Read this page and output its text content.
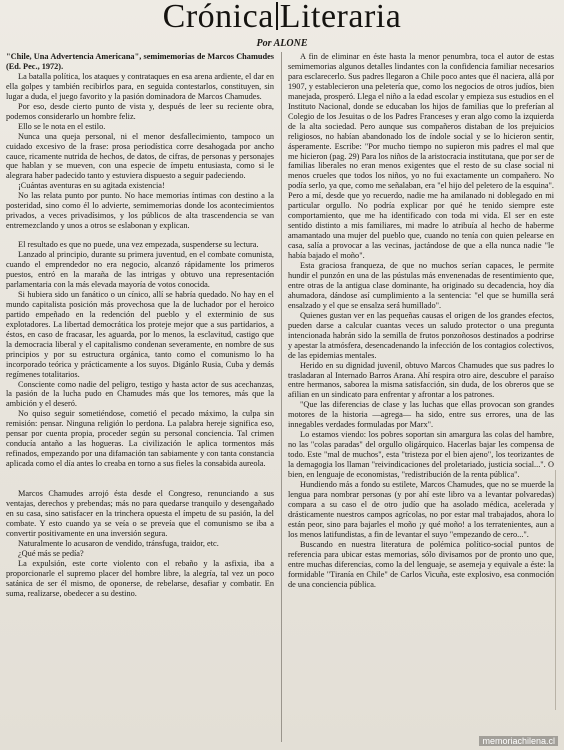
Crónica Literaria
Por ALONE

"Chile, Una Advertencia Americana", semimemorias de Marcos Chamudes (Ed. Pec., 1972).

La batalla política, los ataques y contrataques en esa arena ardiente, el dar en ella golpes y también recibirlos para, en seguida contestarlos, constituyen, sin lugar a duda, el juego favorito y la pasión dominadora de Marcos Chamudes.

Por eso, desde cierto punto de vista y, después de leer su reciente obra, podemos considerarlo un hombre feliz.

Ello se le nota en el estilo.

Nunca una queja personal, ni el menor desfallecimiento, tampoco un cuidado excesivo de la frase: prosa periodística corre desahogada por ancho cauce, ricamente nutrida de hechos, de datos, de cifras, de personas y personajes que hablan y se mueven, con una especie de ímpetu entusiasta, como si le alegrara haber padecido tanto y estuviera dispuesto a seguir padeciendo.

¡Cuántas aventuras en su agitada existencia!

No las relata punto por punto. No hace memorias íntimas con destino a la posteridad, sino como él lo advierte, semimemorias donde los acontecimientos privados, a veces privadísimos, y los públicos de alta trascendencia se van entremezclando y unos a otros se eslabonan y explican.

El resultado es que no puede, una vez empezada, suspenderse su lectura.

Lanzado al principio, durante su primera juventud, en el combate comunista, cuando el emprendedor no era negocio, alcanzó rápidamente los primeros puestos, entró en la maraña de las intrigas y obtuvo una representación parlamentaria con la más elevada mayoría de votos conocida.

Si hubiera sido un fanático o un cínico, allí se habría quedado. No hay en el mundo capitalista posición más provechosa que la de luchador por el heroico partido empeñado en la redención del pueblo y el exterminio de sus explotadores. La libertad democrática los proteje mejor que a sus partidarios, a éstos, en caso de fracasar, les aguarda, por lo menos, la esclavitud, castigo que la democracia liberal y el capitalismo condenan severamente, en nombre de sus principios y por su estructura orgánica, tanto como el comunismo lo ha incorporado teórica y prácticamente a los suyos. Digánlo Rusia, Cuba y demás regímenes totalitarios.

Consciente como nadie del peligro, testigo y hasta actor de sus acechanzas, la pasión de la lucha pudo en Chamudes más que los temores, más que la ambición y el deseró.

No quiso seguir sometiéndose, cometió el pecado máximo, la culpa sin remisión: pensar. Ninguna religión lo perdona. La palabra hereje significa eso, pensar por cuenta propia, proceder según su personal conciencia. Tal crimen conducía antaño a las hogueras. La civilización le aplica tormentos más refinados, empezando por una difamación tan sabiamente y con tanta constancia aplicada como el día antes lo creaba en torno a sus fieles la consabida aureola.

Marcos Chamudes arrojó ésta desde el Congreso, renunciando a sus ventajas, derechos y prebendas; más no para quedarse tranquilo y desengañado en su casa, sino satisfacer en la trinchera opuesta el ímpetu de su pasión, la del combate. Y esto cuando ya se veía o se preveía que el comunismo se iba a convertir positivamente en una inversión segura.

Naturalmente lo acusaron de vendido, tránsfuga, traidor, etc.

¿Qué más se pedía?

La expulsión, este corte violento con el rebaño y la asfixia, iba a proporcionarle el supremo placer del hombre libre, la alegría, tal vez un poco satánica de ser él mismo, de oponerse, de rebelarse, desafiar y combatir. En suma, realizarse, obedecer a su destino.

A fin de eliminar en éste hasta la menor penumbra, toca el autor de estas semimemorias algunos detalles lindantes con la confidencia familiar necesarios para esclarecerlo. Sus padres llegaron a Chile poco antes que él naciera, allá por 1907, y establecieron una peletería que, como los negocios de otros judíos, bien manejada, prosperó. Llega el niño a la edad escolar y empieza sus estudios en el Instituto Nacional, donde se educaban los hijos de familias que lo preferían al Colegio de los Jesuitas o de los Padres Franceses y eran algo como la izquierda de la alta sociedad. Pero aunque sus compañeros distaban de los prejuicios religiosos, no habían abandonado los de índole social y se lo hicieron sentir, ásperamente. Escribe: "Por mucho tiempo no supieron mis padres el mal que me hicieron (pag. 29) Para los niños de la aristocracia institutana, que por ser de familias liberales no eran menos exigentes que el resto de su clase social ni menos crueles que todos los niños, yo no fui exactamente un compañero. No podía serlo, ya que, como me señalaban, era "el hijo del peletero de la esquina". Pero a mí, desde que yo recuerdo, nadie me ha amilanado ni doblegado en mi particular orgullo. No podría explicar por qué he tenido siempre este comportamiento, que me ha identificado con toda mi vida. El ser en este sentido distinto a mis familiares, mi madre lo atribuía al hecho de haberme amamantado una mujer del pueblo que, cuando no tenía con quien pelearse en casa, salía a provocar a las vecinas, jactándose de que a ella nunca nadie "le había bajado el moño".

Esta graciosa franqueza, de que no muchos serían capaces, le permite hundir el punzón en una de las pústulas más envenenadas de resentimiento que, entre otras de la antigua clase dominante, ha originado su decadencia, hoy día ahumadora, dándose así cumplimiento a la sentencia: "el que se humilla será ensalzado y el que se ensalza será humillado".

Quienes gustan ver en las pequeñas causas el origen de los grandes efectos, pueden darse a calcular cuantas veces un saludo protector o una pregunta intencionada habrán sido la semilla de frutos ponzoñosos destinados a podrirse y apestar la atmósfera, desencadenando la infección de los contagios colectivos, de las epidemias mentales.

Herido en su dignidad juvenil, obtuvo Marcos Chamudes que sus padres lo trasladaran al Internado Barros Arana. Ahí respira otro aire, descubre el paraíso entre hermanos, saborea la misma satisfacción, sin duda, de los obreros que se afilian en un sindicato para enfrentar y afrontar a los patrones.

"Que las diferencias de clase y las luchas que ellas provocan son grandes motores de la historia —agrega— ha sido, entre sus errores, una de las innegables verdades formuladas por Marx".

Lo estamos viendo: los pobres soportan sin amargura las colas del hambre, no las "colas paradas" del orgullo oligárquico. Hacerlas bajar les compensa de todo. Este "mal de muchos", esta "tristeza por el bien ajeno", los teorizantes de la demagogia los llaman "reivindicaciones del proletariado, justicia social...". O bien, en lenguaje de economistas, "redistribución de la renta pública".

Hundiendo más a fondo su estilete, Marcos Chamudes, que no se muerde la lengua para nombrar personas (y por ahí este libro va a levantar polvaredas) compara a su caso el de otro judío que ha asolado médica, acelerada y drásticamente nuestros campos agrícolas, no por estar mal trabajados, ahora lo están peor, sino para bajarles el moño ¡y qué moño! a los terratenientes, aun a los menos latifundistas, a fin de levantar el suyo "empezando de cero...".

Buscando en nuestra literatura de polémica político-social puntos de referencia para ubicar estas memorias, sólo divisamos por de pronto uno que, entre muchas diferencias, como la del lenguaje, se asemeja y equivale a éste: la formidable "Tiranía en Chile" de Carlos Vicuña, este explosivo, esa conmoción de una conciencia pública.

memoriachilena.cl
